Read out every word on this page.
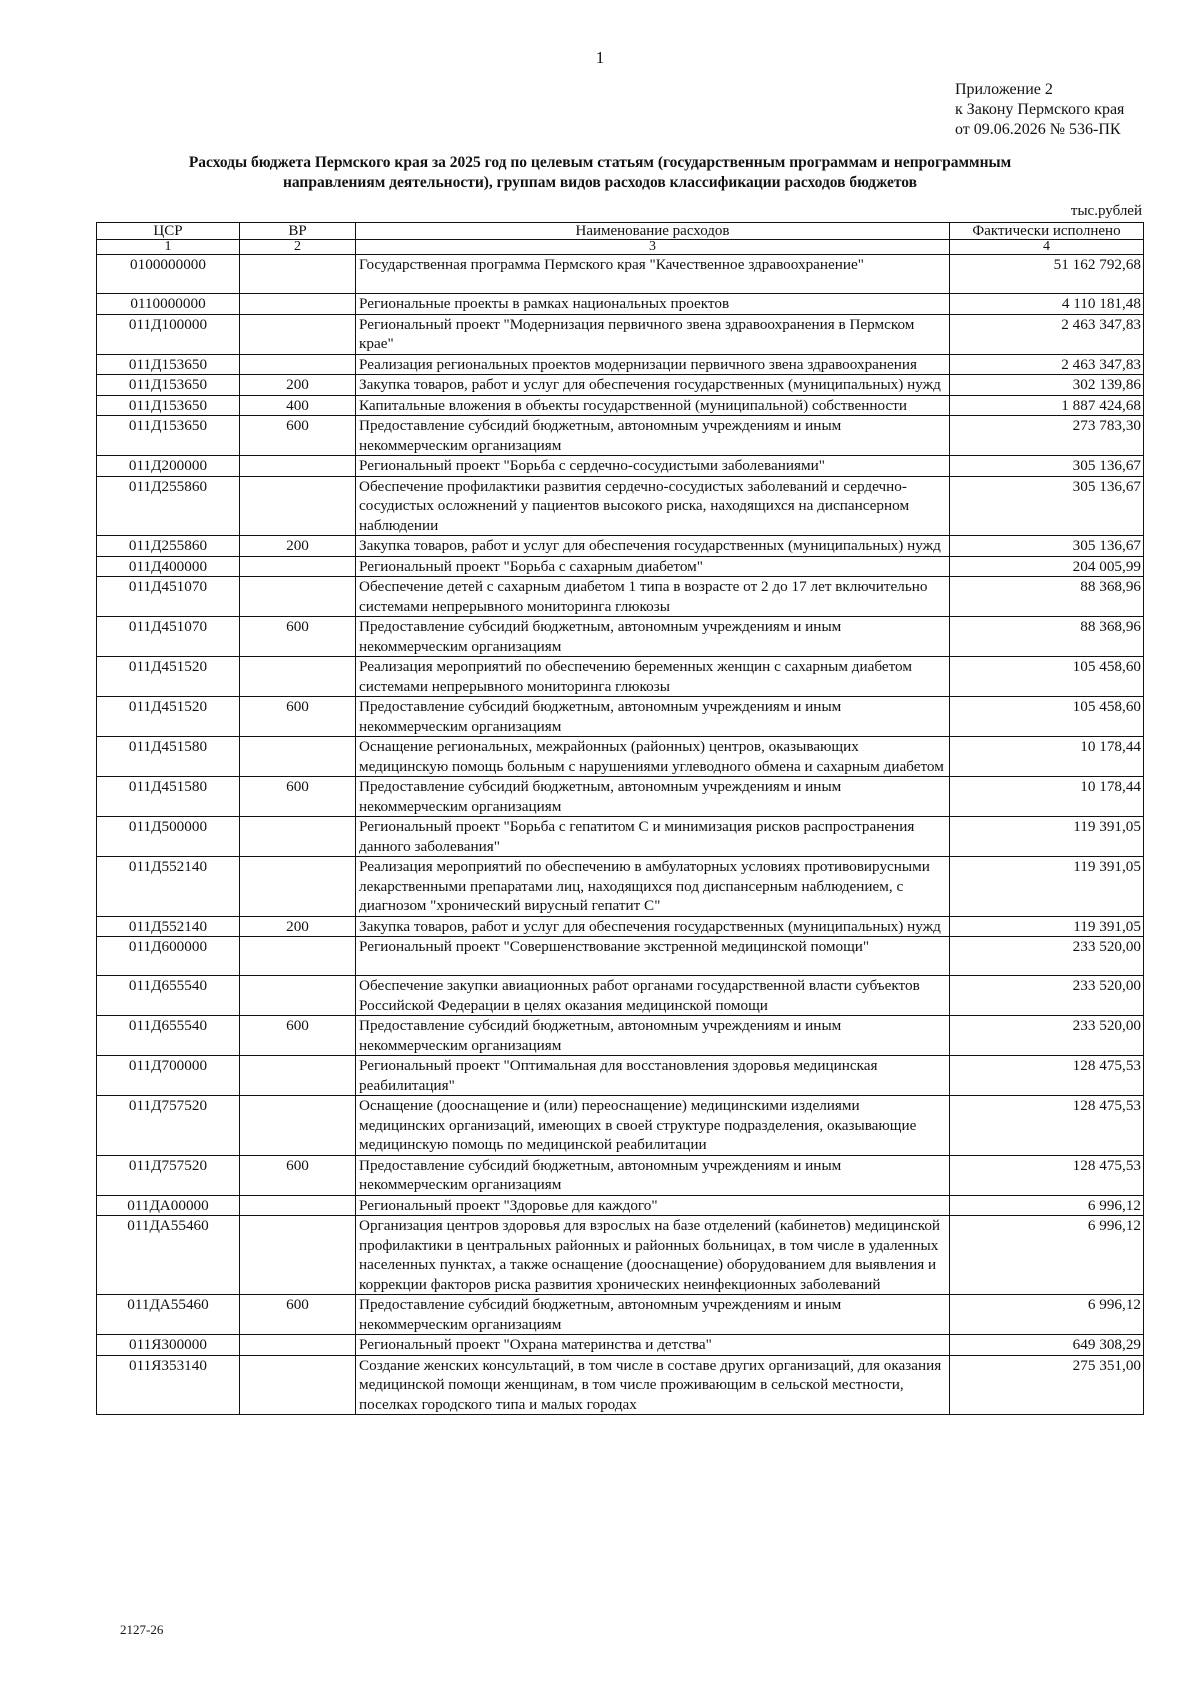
1
Приложение 2
к Закону Пермского края
от 09.06.2026 № 536-ПК
Расходы бюджета Пермского края за 2025 год по целевым статьям (государственным программам и непрограммным
направлениям деятельности), группам видов расходов классификации расходов бюджетов
тыс.рублей
ЦСР	ВР	Наименование расходов	Фактически исполнено
1	2	3	4
0100000000		Государственная программа Пермского края "Качественное здравоохранение"	51 162 792,68
0110000000		Региональные проекты в рамках национальных проектов	4 110 181,48
011Д100000		Региональный проект "Модернизация первичного звена здравоохранения в Пермском крае"	2 463 347,83
011Д153650		Реализация региональных проектов модернизации первичного звена здравоохранения	2 463 347,83
011Д153650	200	Закупка товаров, работ и услуг для обеспечения государственных (муниципальных) нужд	302 139,86
011Д153650	400	Капитальные вложения в объекты государственной (муниципальной) собственности	1 887 424,68
011Д153650	600	Предоставление субсидий бюджетным, автономным учреждениям и иным некоммерческим организациям	273 783,30
011Д200000		Региональный проект "Борьба с сердечно-сосудистыми заболеваниями"	305 136,67
011Д255860		Обеспечение профилактики развития сердечно-сосудистых заболеваний и сердечно-сосудистых осложнений у пациентов высокого риска, находящихся на диспансерном наблюдении	305 136,67
011Д255860	200	Закупка товаров, работ и услуг для обеспечения государственных (муниципальных) нужд	305 136,67
011Д400000		Региональный проект "Борьба с сахарным диабетом"	204 005,99
011Д451070		Обеспечение детей с сахарным диабетом 1 типа в возрасте от 2 до 17 лет включительно системами непрерывного мониторинга глюкозы	88 368,96
011Д451070	600	Предоставление субсидий бюджетным, автономным учреждениям и иным некоммерческим организациям	88 368,96
011Д451520		Реализация мероприятий по обеспечению беременных женщин с сахарным диабетом системами непрерывного мониторинга глюкозы	105 458,60
011Д451520	600	Предоставление субсидий бюджетным, автономным учреждениям и иным некоммерческим организациям	105 458,60
011Д451580		Оснащение региональных, межрайонных (районных) центров, оказывающих медицинскую помощь больным с нарушениями углеводного обмена и сахарным диабетом	10 178,44
011Д451580	600	Предоставление субсидий бюджетным, автономным учреждениям и иным некоммерческим организациям	10 178,44
011Д500000		Региональный проект "Борьба с гепатитом С и минимизация рисков распространения данного заболевания"	119 391,05
011Д552140		Реализация мероприятий по обеспечению в амбулаторных условиях противовирусными лекарственными препаратами лиц, находящихся под диспансерным наблюдением, с диагнозом "хронический вирусный гепатит С"	119 391,05
011Д552140	200	Закупка товаров, работ и услуг для обеспечения государственных (муниципальных) нужд	119 391,05
011Д600000		Региональный проект "Совершенствование экстренной медицинской помощи"	233 520,00
011Д655540		Обеспечение закупки авиационных работ органами государственной власти субъектов Российской Федерации в целях оказания медицинской помощи	233 520,00
011Д655540	600	Предоставление субсидий бюджетным, автономным учреждениям и иным некоммерческим организациям	233 520,00
011Д700000		Региональный проект "Оптимальная для восстановления здоровья медицинская реабилитация"	128 475,53
011Д757520		Оснащение (дооснащение и (или) переоснащение) медицинскими изделиями медицинских организаций, имеющих в своей структуре подразделения, оказывающие медицинскую помощь по медицинской реабилитации	128 475,53
011Д757520	600	Предоставление субсидий бюджетным, автономным учреждениям и иным некоммерческим организациям	128 475,53
011ДА00000		Региональный проект "Здоровье для каждого"	6 996,12
011ДА55460		Организация центров здоровья для взрослых на базе отделений (кабинетов) медицинской профилактики в центральных районных и районных больницах, в том числе в удаленных населенных пунктах, а также оснащение (дооснащение) оборудованием для выявления и коррекции факторов риска развития хронических неинфекционных заболеваний	6 996,12
011ДА55460	600	Предоставление субсидий бюджетным, автономным учреждениям и иным некоммерческим организациям	6 996,12
011Я300000		Региональный проект "Охрана материнства и детства"	649 308,29
011Я353140		Создание женских консультаций, в том числе в составе других организаций, для оказания медицинской помощи женщинам, в том числе проживающим в сельской местности, поселках городского типа и малых городах	275 351,00
2127-26
